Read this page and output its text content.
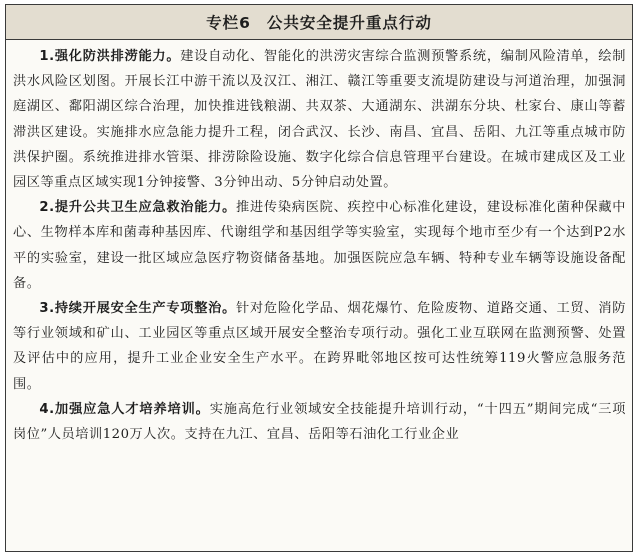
专栏6 公共安全提升重点行动

1.强化防洪排涝能力。建设自动化、智能化的洪涝灾害综合监测预警系统，编制风险清单，绘制洪水风险区划图。开展长江中游干流以及汉江、湘江、赣江等重要支流堤防建设与河道治理，加强洞庭湖区、鄱阳湖区综合治理，加快推进钱粮湖、共双茶、大通湖东、洪湖东分块、杜家台、康山等蓄滞洪区建设。实施排水应急能力提升工程，闭合武汉、长沙、南昌、宜昌、岳阳、九江等重点城市防洪保护圈。系统推进排水管渠、排涝除险设施、数字化综合信息管理平台建设。在城市建成区及工业园区等重点区域实现1分钟接警、3分钟出动、5分钟启动处置。

2.提升公共卫生应急救治能力。推进传染病医院、疾控中心标准化建设，建设标准化菌种保藏中心、生物样本库和菌毒种基因库、代谢组学和基因组学等实验室，实现每个地市至少有一个达到P2水平的实验室，建设一批区域应急医疗物资储备基地。加强医院应急车辆、特种专业车辆等设施设备配备。

3.持续开展安全生产专项整治。针对危险化学品、烟花爆竹、危险废物、道路交通、工贸、消防等行业领域和矿山、工业园区等重点区域开展安全整治专项行动。强化工业互联网在监测预警、处置及评估中的应用，提升工业企业安全生产水平。在跨界毗邻地区按可达性统筹119火警应急服务范围。

4.加强应急人才培养培训。实施高危行业领域安全技能提升培训行动，“十四五”期间完成“三项岗位”人员培训120万人次。支持在九江、宜昌、岳阳等石油化工行业企业
